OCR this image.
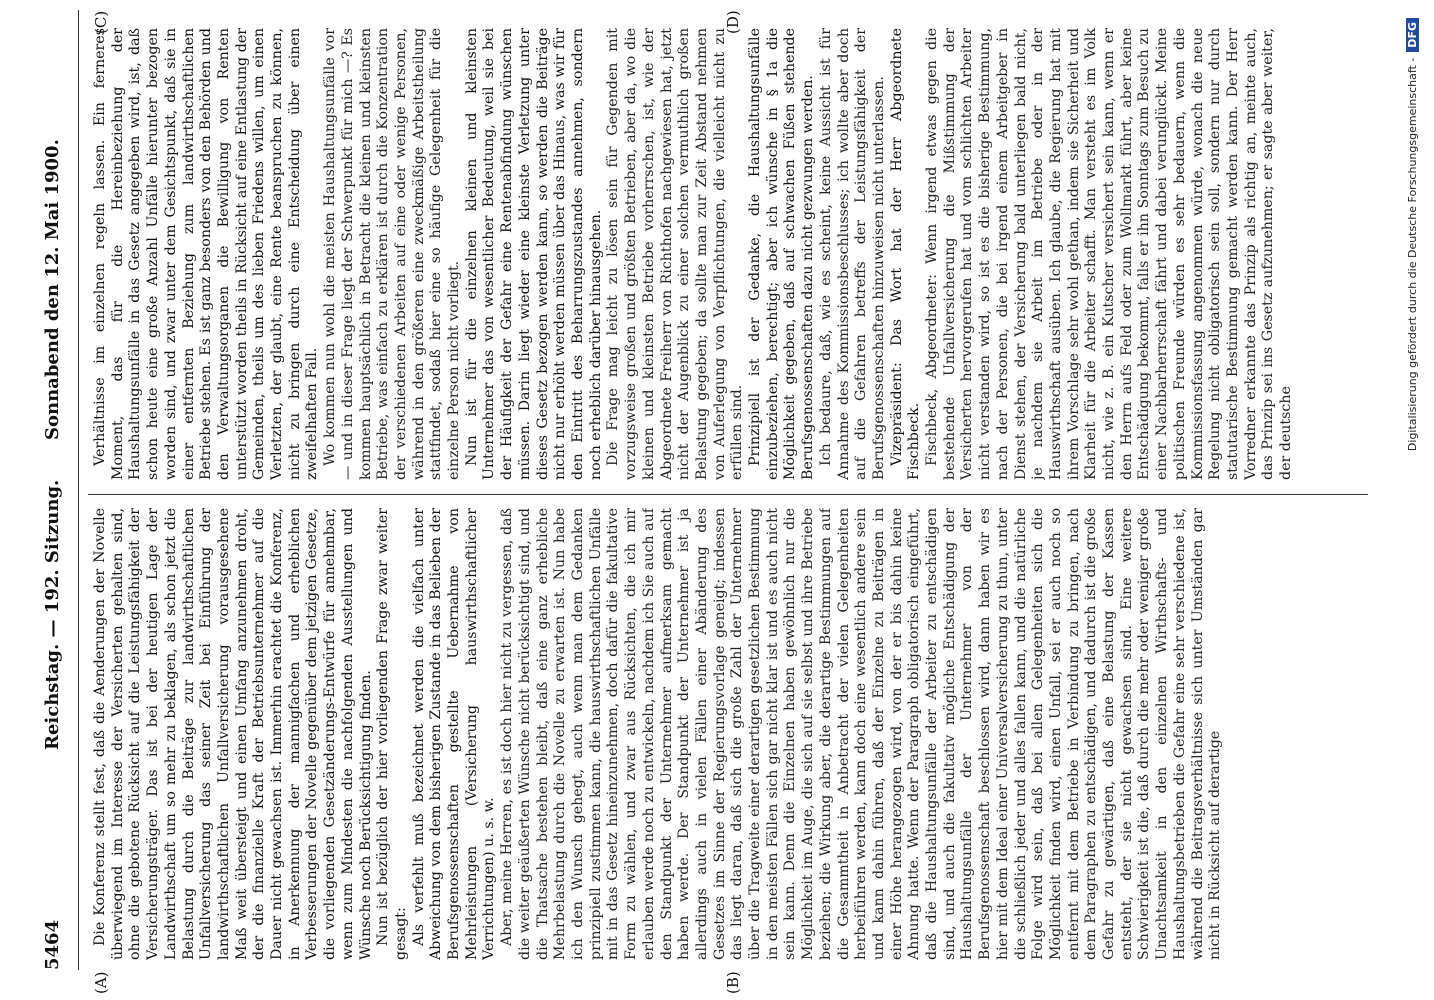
5464
Reichstag. — 192. Sitzung.
Sonnabend den 12. Mai 1900.
(A)	(B)
(C)	(D)

Die Konferenz stellt fest, daß die Aenderungen der Novelle überwiegend im Interesse der Versicherten gehalten sind, ohne die gebotene Rücksicht auf die Leistungsfähigkeit der Versicherungsträger. Das ist bei der heutigen Lage der Landwirthschaft um so mehr zu beklagen, als schon jetzt die Belastung durch die Beiträge zur landwirthschaftlichen Unfallversicherung das seiner Zeit bei Einführung der landwirthschaftlichen Unfallversicherung vorausgesehene Maß weit übersteigt und einen Umfang anzunehmen droht, der die finanzielle Kraft der Betriebsunternehmer auf die Dauer nicht gewachsen ist. Immerhin erachtet die Konferenz, in Anerkennung der mannigfachen und erheblichen Verbesserungen der Novelle gegenüber dem jetzigen Gesetze, die vorliegenden Gesetzänderungs-Entwürfe für annehmbar, wenn zum Mindesten die nachfolgenden Ausstellungen und Wünsche noch Berücksichtigung finden. Nun ist bezüglich der hier vorliegenden Frage zwar weiter gesagt: Als verfehlt muß bezeichnet werden die vielfach unter Abweichung von dem bisherigen Zustande in das Belieben der Berufsgenossenschaften gestellte Uebernahme von Mehrleistungen (Versicherung hauswirthschaftlicher Verrichtungen) u. s. w. Aber, meine Herren, es ist doch hier nicht zu vergessen, daß die weiter geäußerten Wünsche nicht berücksichtigt sind, und die Thatsache bestehen bleibt, daß eine ganz erhebliche Mehrbelastung durch die Novelle zu erwarten ist. Nun habe ich den Wunsch gehegt, auch wenn man dem Gedanken prinzipiell zustimmen kann, die hauswirthschaftlichen Unfälle mit in das Gesetz hineinzunehmen, doch dafür die fakultative Form zu wählen, und zwar aus Rücksichten, die ich mir erlauben werde noch zu entwickeln, nachdem ich Sie auch auf den Standpunkt der Unternehmer aufmerksam gemacht haben werde. Der Standpunkt der Unternehmer ist ja allerdings auch in vielen Fällen einer Abänderung des Gesetzes im Sinne der Regierungsvorlage geneigt; indessen das liegt daran, daß sich die große Zahl der Unternehmer über die Tragweite einer derartigen gesetzlichen Bestimmung in den meisten Fällen sich gar nicht klar ist und es auch nicht sein kann. Denn die Einzelnen haben gewöhnlich nur die Möglichkeit im Auge, die sich auf sie selbst und ihre Betriebe beziehen; die Wirkung aber, die derartige Bestimmungen auf die Gesammtheit in Anbetracht der vielen Gelegenheiten herbeiführen werden, kann doch eine wesentlich andere sein und kann dahin führen, daß der Einzelne zu Beiträgen in einer Höhe herangezogen wird, von der er bis dahin keine Ahnung hatte. Wenn der Paragraph obligatorisch eingeführt, daß die Haushaltungsunfälle der Arbeiter zu entschädigen sind, und auch die fakultativ mögliche Entschädigung der Haushaltungsunfälle der Unternehmer von der Berufsgenossenschaft beschlossen wird, dann haben wir es hier mit dem Ideal einer Universalversicherung zu thun, unter die schließlich jeder und alles fallen kann, und die natürliche Folge wird sein, daß bei allen Gelegenheiten sich die Möglichkeit finden wird, einen Unfall, sei er auch noch so entfernt mit dem Betriebe in Verbindung zu bringen, nach dem Paragraphen zu entschädigen, und dadurch ist die große Gefahr zu gewärtigen, daß eine Belastung der Kassen entsteht, der sie nicht gewachsen sind. Eine weitere Schwierigkeit ist die, daß durch die mehr oder weniger große Unachtsamkeit in den einzelnen Wirthschafts- und Haushaltungsbetrieben die Gefahr eine sehr verschiedene ist, während die Beitragsverhältnisse sich unter Umständen gar nicht in Rücksicht auf derartige

Verhältnisse im einzelnen regeln lassen. Ein ferneres Moment, das für die Hereinbeziehung der Haushaltungsunfälle in das Gesetz angegeben wird, ist, daß schon heute eine große Anzahl Unfälle hierunter bezogen worden sind, und zwar unter dem Gesichtspunkt, daß sie in einer entfernten Beziehung zum landwirthschaftlichen Betriebe stehen. Es ist ganz besonders von den Behörden und den Verwaltungsorganen die Bewilligung von Renten unterstützt worden theils in Rücksicht auf eine Entlastung der Gemeinden, theils um des lieben Friedens willen, um einen Verletzten, der glaubt, eine Rente beanspruchen zu können, nicht zu bringen durch eine Entscheidung über einen zweifelhaften Fall. Wo kommen nun wohl die meisten Haushaltungsunfälle vor — und in dieser Frage liegt der Schwerpunkt für mich —? Es kommen hauptsächlich in Betracht die kleinen und kleinsten Betriebe, was einfach zu erklären ist durch die Konzentration der verschiedenen Arbeiten auf eine oder wenige Personen, während in den größeren eine zweckmäßige Arbeitstheilung stattfindet, sodaß hier eine so häufige Gelegenheit für die einzelne Person nicht vorliegt. Nun ist für die einzelnen kleinen und kleinsten Unternehmer das von wesentlicher Bedeutung, weil sie bei der Häufigkeit der Gefahr eine Rentenabfindung wünschen müssen. Darin liegt wieder eine kleinste Verletzung unter dieses Gesetz bezogen werden kann, so werden die Beiträge nicht nur erhöht werden müssen über das Hinaus, was wir für den Eintritt des Beharrungszustandes annehmen, sondern noch erheblich darüber hinausgehen. Die Frage mag leicht zu lösen sein für Gegenden mit vorzugsweise großen und größten Betrieben, aber da, wo die kleinen und kleinsten Betriebe vorherrschen, ist, wie der Abgeordnete Freiherr von Richthofen nachgewiesen hat, jetzt nicht der Augenblick zu einer solchen vermuthlich großen Belastung gegeben; da sollte man zur Zeit Abstand nehmen von Auferlegung von Verpflichtungen, die vielleicht nicht zu erfüllen sind. Prinzipiell ist der Gedanke, die Haushaltungsunfälle einzubeziehen, berechtigt; aber ich wünsche in § 1a die Möglichkeit gegeben, daß auf schwachen Füßen stehende Berufsgenossenschaften dazu nicht gezwungen werden. Ich bedaure, daß, wie es scheint, keine Aussicht ist für Annahme des Kommissionsbeschlusses; ich wollte aber doch auf die Gefahren betreffs der Leistungsfähigkeit der Berufsgenossenschaften hinzuweisen nicht unterlassen. Vizepräsident: Das Wort hat der Herr Abgeordnete Fischbeck. Fischbeck, Abgeordneter: Wenn irgend etwas gegen die bestehende Unfallversicherung die Mißstimmung der Versicherten hervorgerufen hat und vom schlichten Arbeiter nicht verstanden wird, so ist es die bisherige Bestimmung, nach der Personen, die bei irgend einem Arbeitgeber in Dienst stehen, der Versicherung bald unterliegen bald nicht, je nachdem sie Arbeit im Betriebe oder in der Hauswirthschaft ausüben. Ich glaube, die Regierung hat mit ihrem Vorschlage sehr wohl gethan, indem sie Sicherheit und Klarheit für die Arbeiter schafft. Man versteht es im Volk nicht, wie z. B. ein Kutscher versichert sein kann, wenn er den Herrn aufs Feld oder zum Wollmarkt führt, aber keine Entschädigung bekommt, falls er ihn Sonntags zum Besuch zu einer Nachbarherrschaft fährt und dabei verunglückt. Meine politischen Freunde würden es sehr bedauern, wenn die Kommissionsfassung angenommen würde, wonach die neue Regelung nicht obligatorisch sein soll, sondern nur durch statutarische Bestimmung gemacht werden kann. Der Herr Vorredner erkannte das Prinzip als richtig an, meinte auch, das Prinzip sei ins Gesetz aufzunehmen; er sagte aber weiter, der deutsche	Digitalisierung gefördert durch die Deutsche Forschungsgemeinschaft -DFG
